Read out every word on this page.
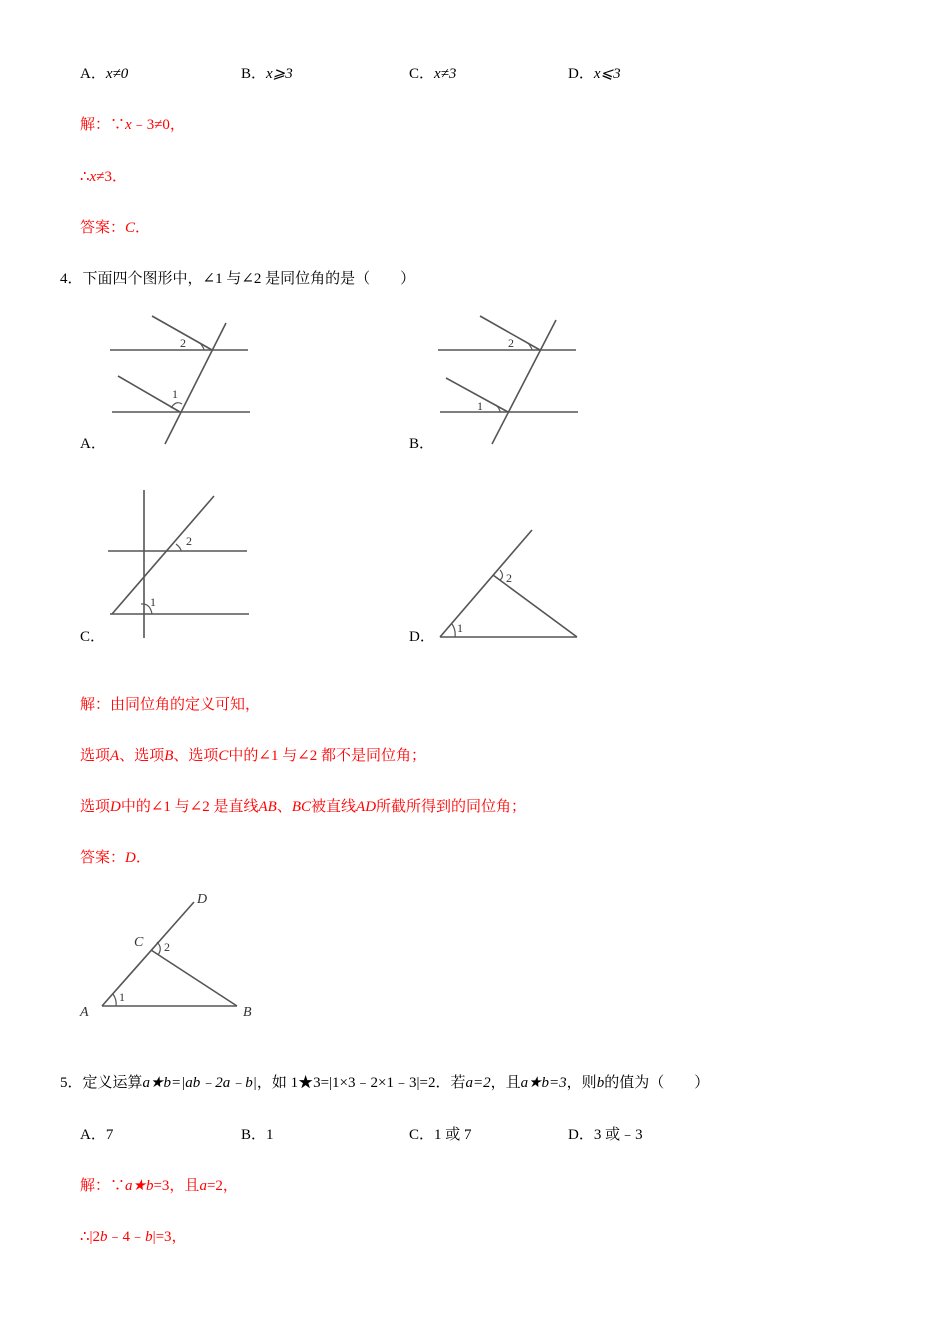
A．x≠0	B．x⩾3	C．x≠3	D．x⩽3
解：∵x﹣3≠0，
∴x≠3．
答案：C．
4．下面四个图形中，∠1 与∠2 是同位角的是（　　）
2
1
A．
2
1
B．
2
1
C．
2
1
D．
解：由同位角的定义可知，
选项A、选项B、选项C中的∠1 与∠2 都不是同位角；
选项D中的∠1 与∠2 是直线AB、BC被直线AD所截所得到的同位角；
答案：D．
2
1
A	B
C
D
5．定义运算a★b=|ab﹣2a﹣b|，如 1★3=|1×3﹣2×1﹣3|=2．若a=2，且a★b=3，则b的值为（　　）
A．7	B．1	C．1 或 7	D．3 或﹣3
解：∵a★b=3，且a=2，
∴|2b﹣4﹣b|=3，
